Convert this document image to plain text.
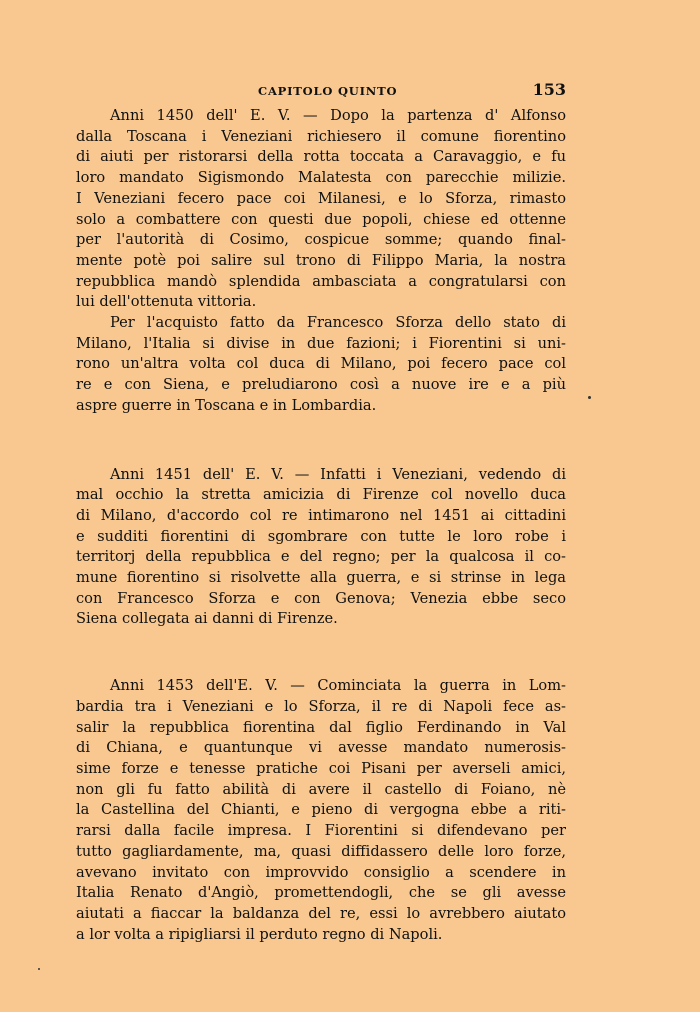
CAPITOLO QUINTO	153
Anni 1450 dell' E. V. — Dopo la partenza d' Alfonso
dalla Toscana i Veneziani richiesero il comune fiorentino
di aiuti per ristorarsi della rotta toccata a Caravaggio, e fu
loro mandato Sigismondo Malatesta con parecchie milizie.
I Veneziani fecero pace coi Milanesi, e lo Sforza, rimasto
solo a combattere con questi due popoli, chiese ed ottenne
per l'autorità di Cosimo, cospicue somme; quando final-
mente potè poi salire sul trono di Filippo Maria, la nostra
repubblica mandò splendida ambasciata a congratularsi con
lui dell'ottenuta vittoria.
Per l'acquisto fatto da Francesco Sforza dello stato di
Milano, l'Italia si divise in due fazioni; i Fiorentini si uni-
rono un'altra volta col duca di Milano, poi fecero pace col
re e con Siena, e preludiarono così a nuove ire e a più
aspre guerre in Toscana e in Lombardia.
Anni 1451 dell' E. V. — Infatti i Veneziani, vedendo di
mal occhio la stretta amicizia di Firenze col novello duca
di Milano, d'accordo col re intimarono nel 1451 ai cittadini
e sudditi fiorentini di sgombrare con tutte le loro robe i
territorj della repubblica e del regno; per la qualcosa il co-
mune fiorentino si risolvette alla guerra, e si strinse in lega
con Francesco Sforza e con Genova; Venezia ebbe seco
Siena collegata ai danni di Firenze.
Anni 1453 dell'E. V. — Cominciata la guerra in Lom-
bardia tra i Veneziani e lo Sforza, il re di Napoli fece as-
salir la repubblica fiorentina dal figlio Ferdinando in Val
di Chiana, e quantunque vi avesse mandato numerosis-
sime forze e tenesse pratiche coi Pisani per averseli amici,
non gli fu fatto abilità di avere il castello di Foiano, nè
la Castellina del Chianti, e pieno di vergogna ebbe a riti-
rarsi dalla facile impresa. I Fiorentini si difendevano per
tutto gagliardamente, ma, quasi diffidassero delle loro forze,
avevano invitato con improvvido consiglio a scendere in
Italia Renato d'Angiò, promettendogli, che se gli avesse
aiutati a fiaccar la baldanza del re, essi lo avrebbero aiutato
a lor volta a ripigliarsi il perduto regno di Napoli.
